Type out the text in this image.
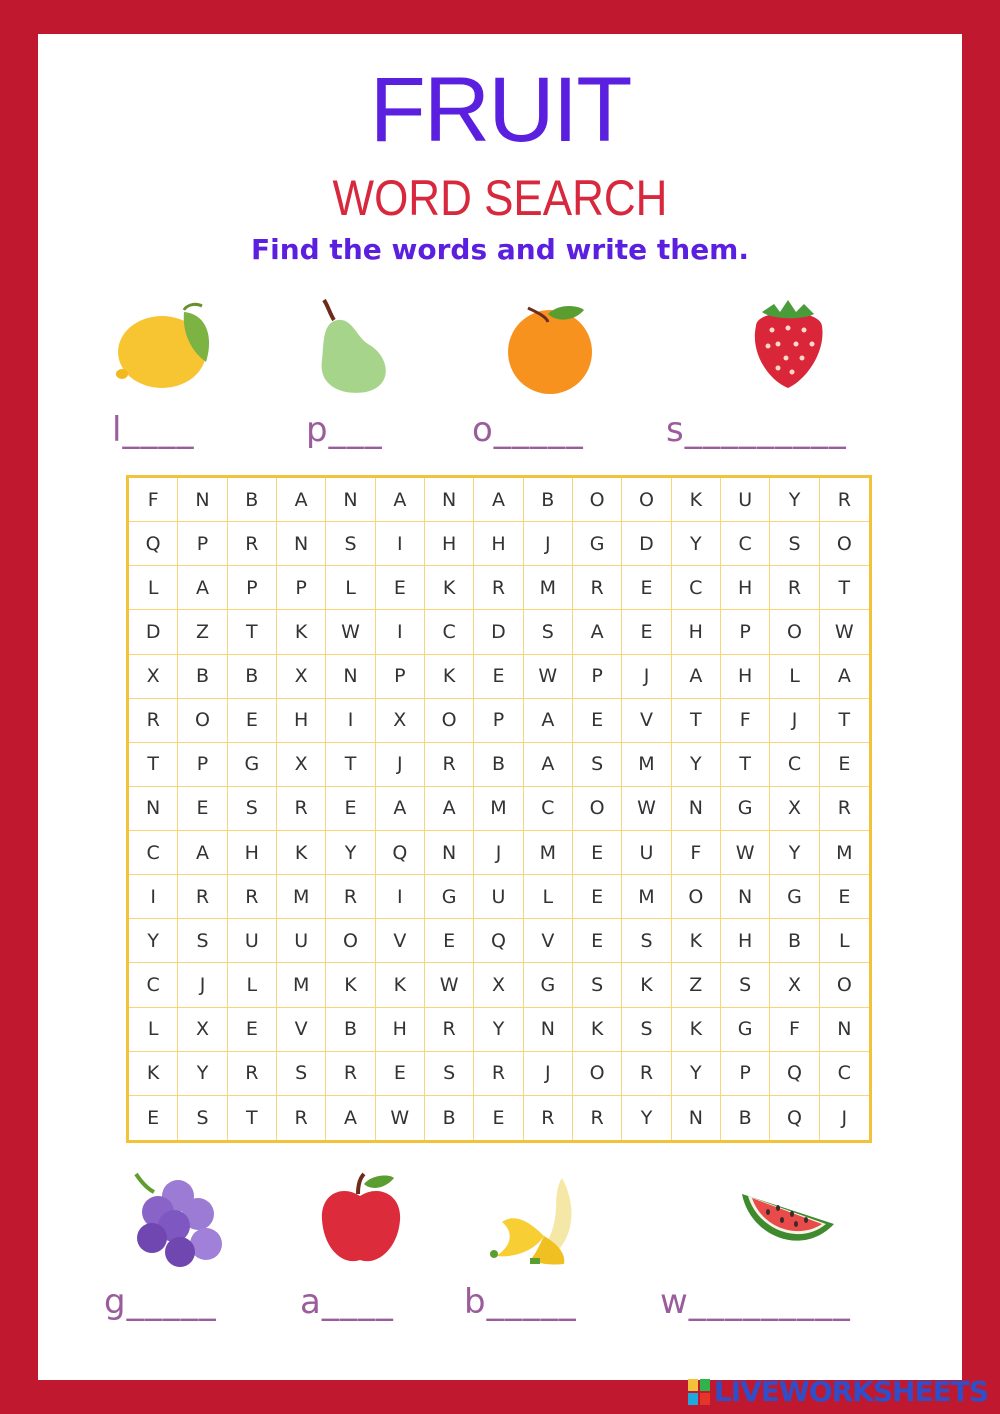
FRUIT
WORD SEARCH
Find the words and write them.
l____	p___	o_____ s_________
F	N	B	A	N	A	N	A	B	O	O	K	U	Y	R
Q	P	R	N	S	I	H	H	J	G	D	Y	C	S	O
L	A	P	P	L	E	K	R	M	R	E	C	H	R	T
D	Z	T	K	W	I	C	D	S	A	E	H	P	O	W
X	B	B	X	N	P	K	E	W	P	J	A	H	L	A
R	O	E	H	I	X	O	P	A	E	V	T	F	J	T
T	P	G	X	T	J	R	B	A	S	M	Y	T	C	E
N	E	S	R	E	A	A	M	C	O	W	N	G	X	R
C	A	H	K	Y	Q	N	J	M	E	U	F	W	Y	M
I	R	R	M	R	I	G	U	L	E	M	O	N	G	E
Y	S	U	U	O	V	E	Q	V	E	S	K	H	B	L
C	J	L	M	K	K	W	X	G	S	K	Z	S	X	O
L	X	E	V	B	H	R	Y	N	K	S	K	G	F	N
K	Y	R	S	R	E	S	R	J	O	R	Y	P	Q	C
E	S	T	R	A	W	B	E	R	R	Y	N	B	Q	J
g_____ a____ b_____ w_________
LIVEWORKSHEETS
